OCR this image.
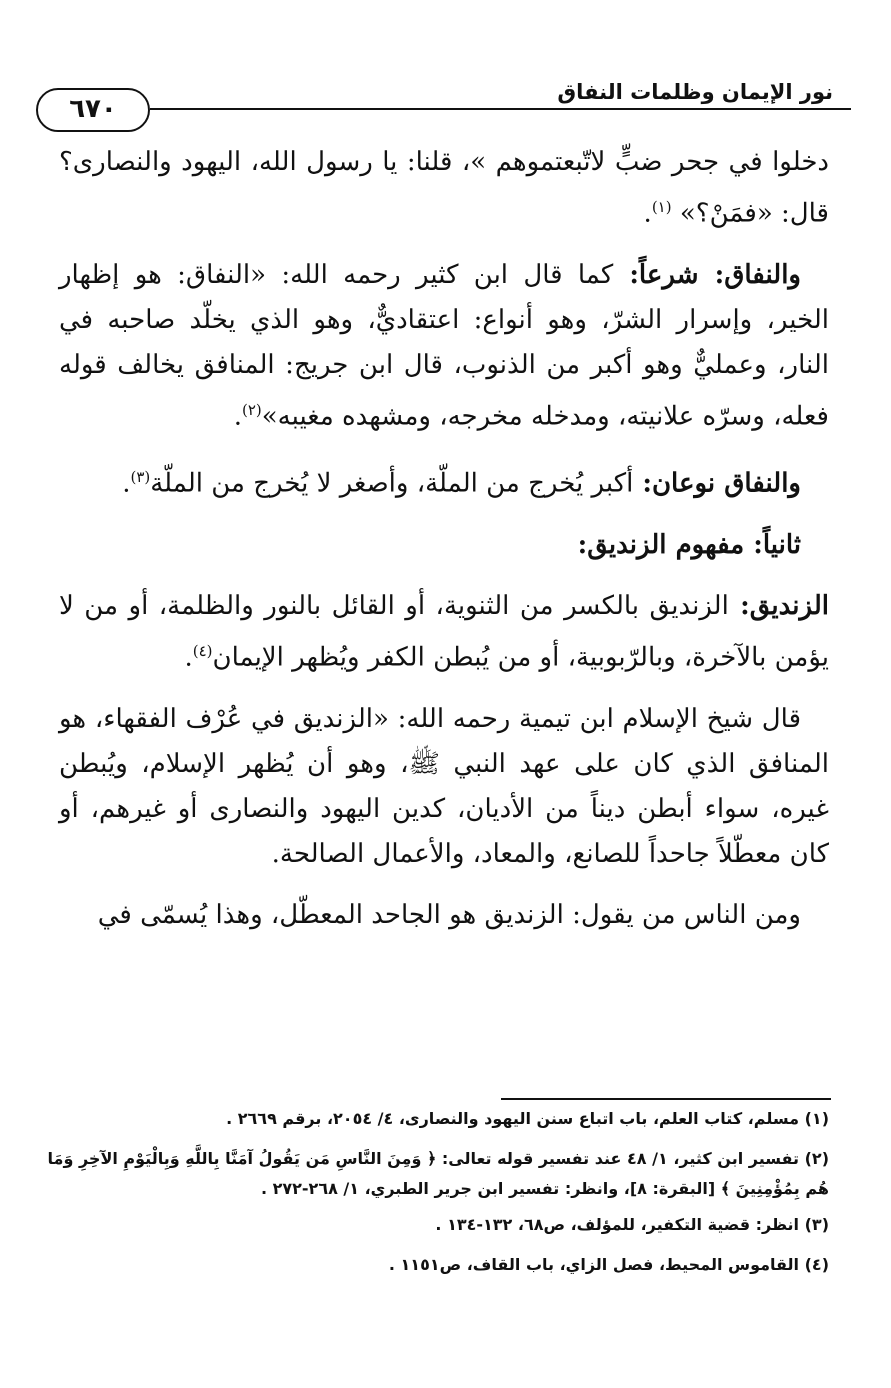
نور الإيمان وظلمات النفاق
٦٧٠

دخلوا في جحر ضبٍّ لاتّبعتموهم »، قلنا: يا رسول الله، اليهود والنصارى؟ قال: «فمَنْ؟» $^{(١)}$.

والنفاق: شرعاً: كما قال ابن كثير رحمه الله: «النفاق: هو إظهار الخير، وإسرار الشرّ، وهو أنواع: اعتقاديٌّ، وهو الذي يخلّد صاحبه في النار، وعمليٌّ وهو أكبر من الذنوب، قال ابن جريج: المنافق يخالف قوله فعله، وسرّه علانيته، ومدخله مخرجه، ومشهده مغيبه»$^{(٢)}$.

والنفاق نوعان: أكبر يُخرج من الملّة، وأصغر لا يُخرج من الملّة$^{(٣)}$.

ثانياً: مفهوم الزنديق:

الزنديق: الزنديق بالكسر من الثنوية، أو القائل بالنور والظلمة، أو من لا يؤمن بالآخرة، وبالرّبوبية، أو من يُبطن الكفر ويُظهر الإيمان$^{(٤)}$.

قال شيخ الإسلام ابن تيمية رحمه الله: «الزنديق في عُرْف الفقهاء، هو المنافق الذي كان على عهد النبي ﷺ، وهو أن يُظهر الإسلام، ويُبطن غيره، سواء أبطن ديناً من الأديان، كدين اليهود والنصارى أو غيرهم، أو كان معطّلاً جاحداً للصانع، والمعاد، والأعمال الصالحة.

ومن الناس من يقول: الزنديق هو الجاحد المعطّل، وهذا يُسمّى في

(١) مسلم، كتاب العلم، باب اتباع سنن اليهود والنصارى، ٤/ ٢٠٥٤، برقم ٢٦٦٩ .
(٢) تفسير ابن كثير، ١/ ٤٨ عند تفسير قوله تعالى: ﴿ وَمِنَ النَّاسِ مَن يَقُولُ آمَنَّا بِاللَّهِ وَبِالْيَوْمِ الآخِرِ وَمَا هُم بِمُؤْمِنِينَ ﴾ [البقرة: ٨]، وانظر: تفسير ابن جرير الطبري، ١/ ٢٦٨-٢٧٢ .
(٣) انظر: قضية التكفير، للمؤلف، ص٦٨، ١٣٢-١٣٤ .
(٤) القاموس المحيط، فصل الزاي، باب القاف، ص١١٥١ .
